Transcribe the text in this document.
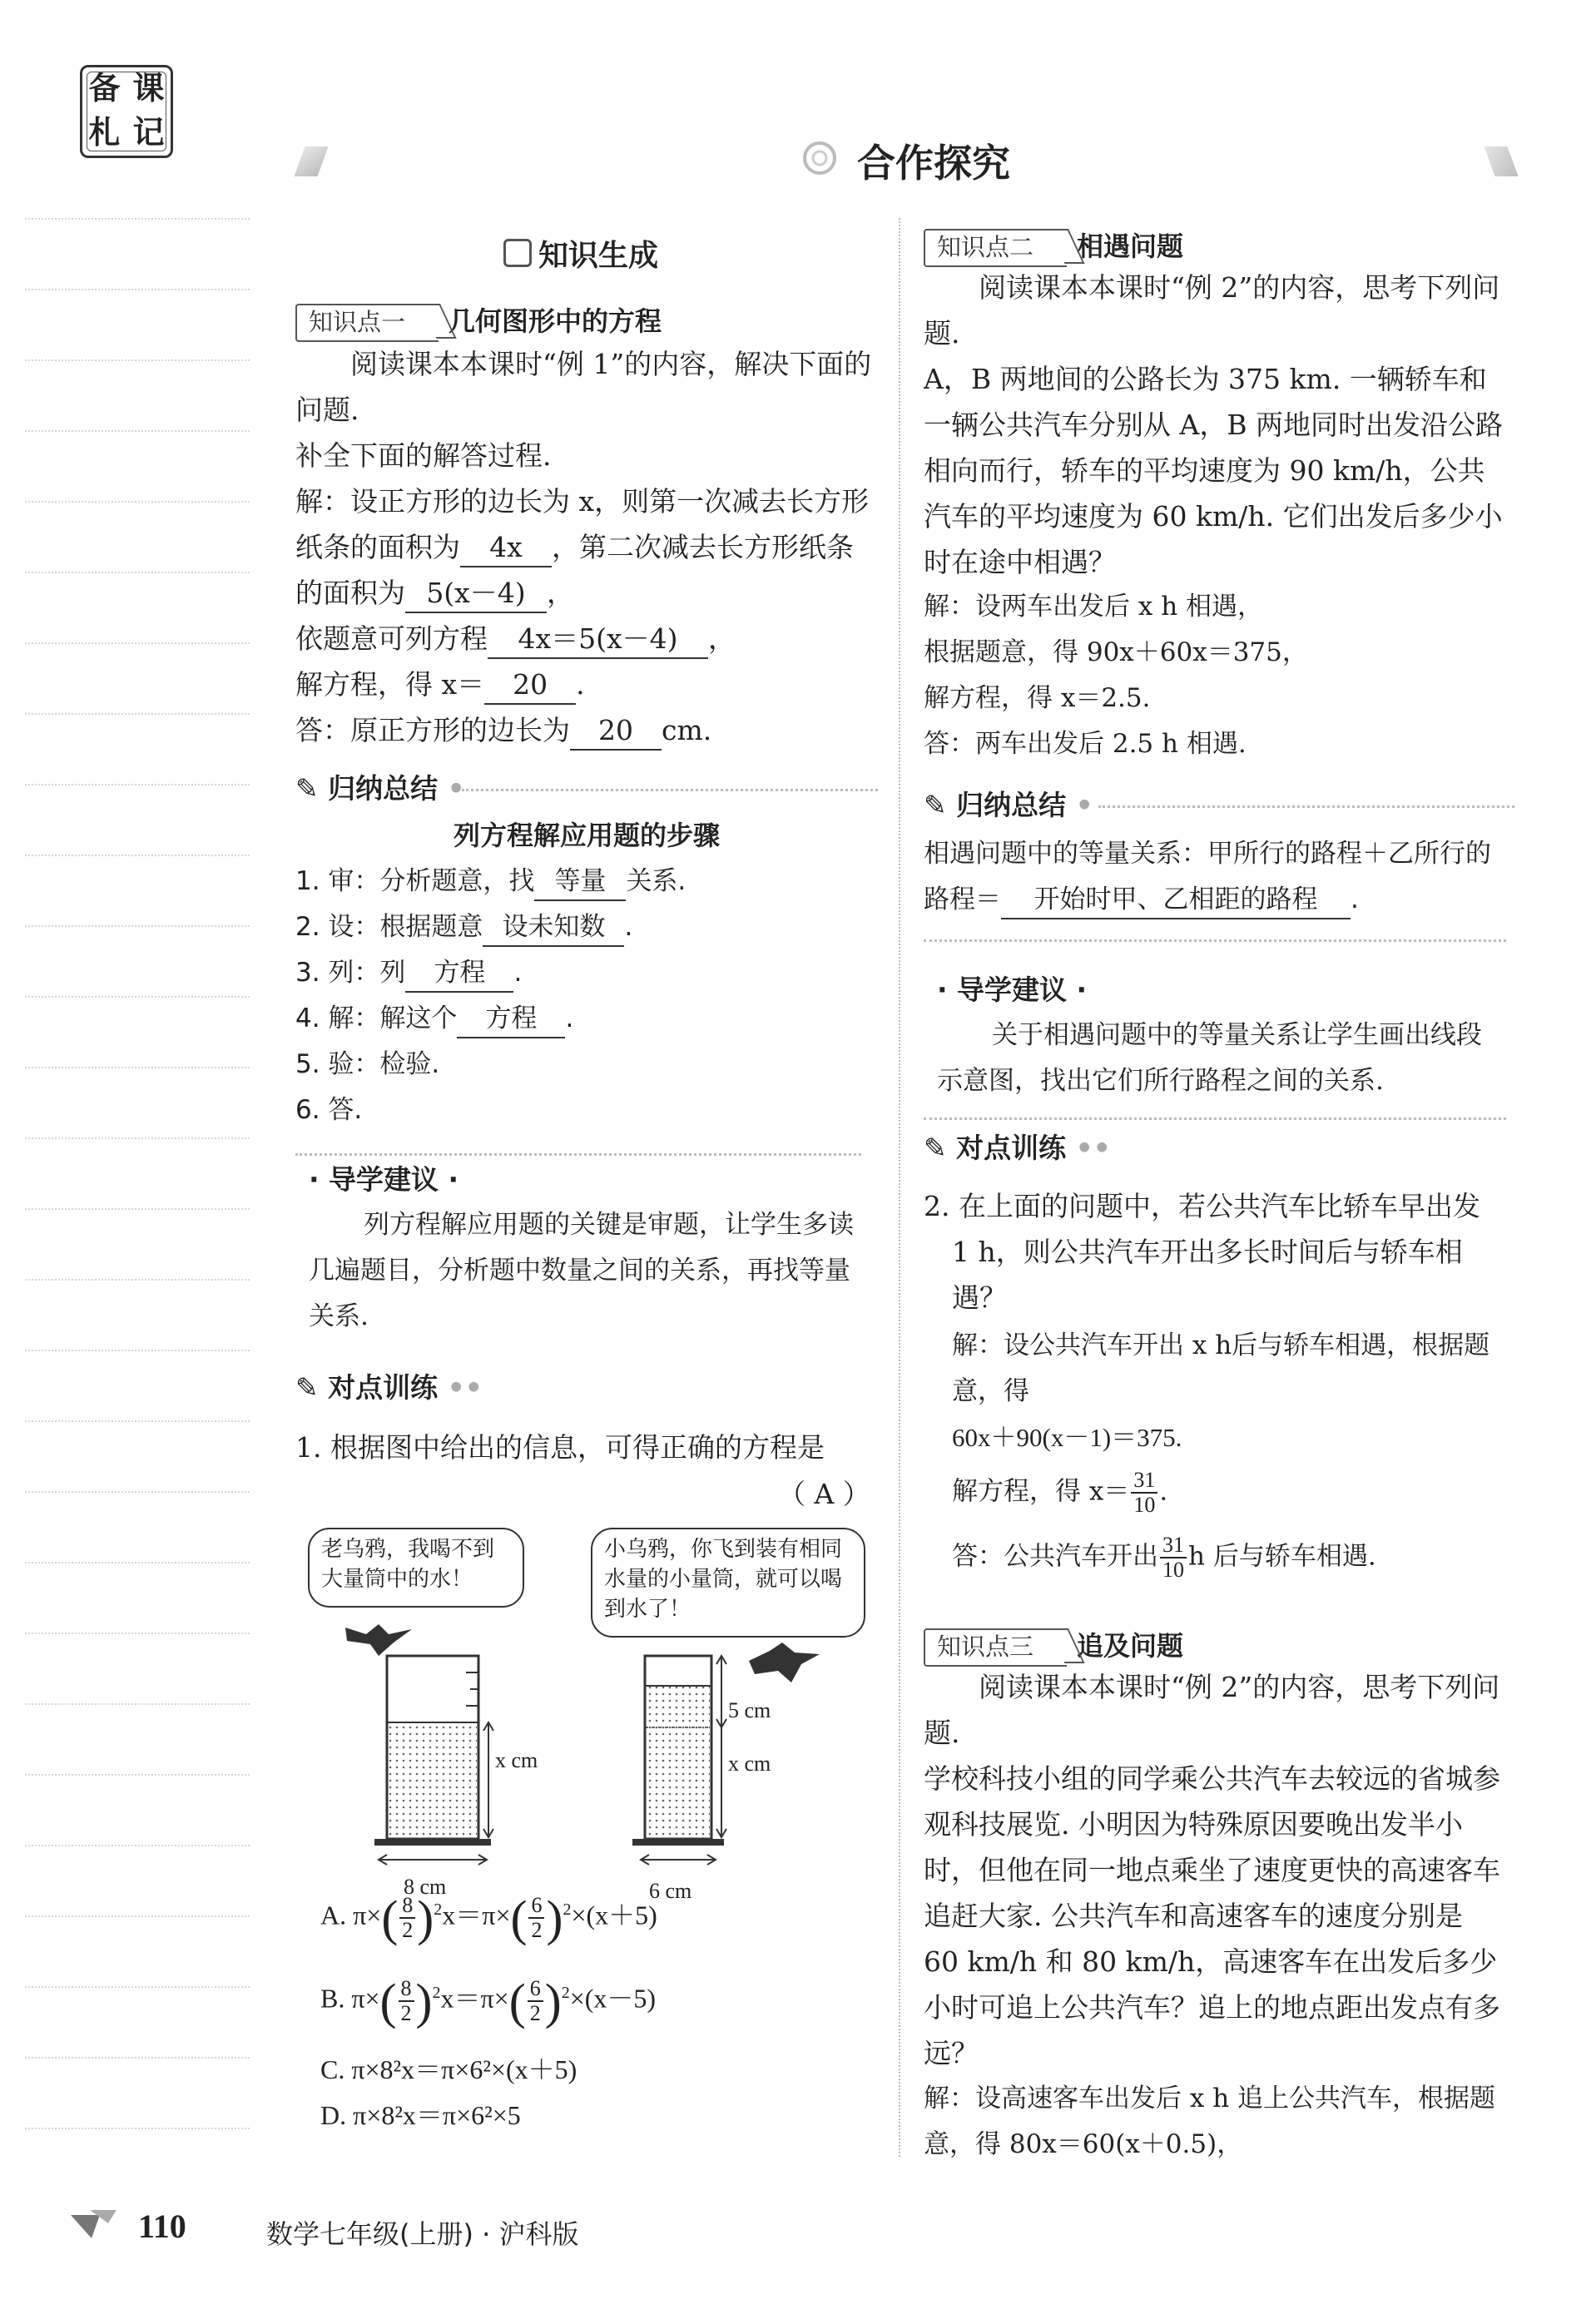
备 课
札 记
合作探究
知识生成
知识点一 几何图形中的方程
阅读课本本课时“例 1”的内容，解决下面的问题.
补全下面的解答过程.
解：设正方形的边长为 x，则第一次减去长方形纸条的面积为 4x ，第二次减去长方形纸条的面积为 5(x－4) ，
依题意可列方程 4x＝5(x－4) ，
解方程，得 x＝ 20 .
答：原正方形的边长为 20 cm.
✎ 归纳总结 •
列方程解应用题的步骤
1. 审：分析题意，找 等量 关系.
2. 设：根据题意 设未知数 .
3. 列：列 方程 .
4. 解：解这个 方程 .
5. 验：检验.
6. 答.
· 导学建议 ·
列方程解应用题的关键是审题，让学生多读几遍题目，分析题中数量之间的关系，再找等量关系.
✎ 对点训练 ••
1. 根据图中给出的信息，可得正确的方程是
（ A ）
老乌鸦，我喝不到大量筒中的水！
小乌鸦，你飞到装有相同水量的小量筒，就可以喝到水了！
x cm
8 cm
5 cm
x cm
6 cm
A. $\pi\times( \frac{8}{2} )^2x=\pi\times( \frac{6}{2} )^2\times(x+5)$
B. $\pi\times( \frac{8}{2} )^2x=\pi\times( \frac{6}{2} )^2\times(x-5)$
C. π×8²x＝π×6²×(x＋5)
D. π×8²x＝π×6²×5
知识点二 相遇问题
阅读课本本课时“例 2”的内容，思考下列问题.
A，B 两地间的公路长为 375 km. 一辆轿车和一辆公共汽车分别从 A，B 两地同时出发沿公路相向而行，轿车的平均速度为 90 km/h，公共汽车的平均速度为 60 km/h. 它们出发后多少小时在途中相遇？
解：设两车出发后 x h 相遇，
根据题意，得 90x＋60x＝375，
解方程，得 x＝2.5.
答：两车出发后 2.5 h 相遇.
✎ 归纳总结 •
相遇问题中的等量关系：甲所行的路程＋乙所行的路程＝ 开始时甲、乙相距的路程 .
· 导学建议 ·
关于相遇问题中的等量关系让学生画出线段示意图，找出它们所行路程之间的关系.
✎ 对点训练 ••
2. 在上面的问题中，若公共汽车比轿车早出发 1 h，则公共汽车开出多长时间后与轿车相遇？
解：设公共汽车开出 x h后与轿车相遇，根据题意，得
60x＋90(x－1)＝375.
解方程，得 $x= \frac{31}{10}$ .
答：公共汽车开出 $\frac{31}{10}$ h 后与轿车相遇.
知识点三 追及问题
阅读课本本课时“例 2”的内容，思考下列问题.
学校科技小组的同学乘公共汽车去较远的省城参观科技展览. 小明因为特殊原因要晚出发半小时，但他在同一地点乘坐了速度更快的高速客车追赶大家. 公共汽车和高速客车的速度分别是 60 km/h 和 80 km/h，高速客车在出发后多少小时可追上公共汽车？追上的地点距出发点有多远？
解：设高速客车出发后 x h 追上公共汽车，根据题意，得 80x＝60(x＋0.5)，
110	数学七年级(上册) · 沪科版
